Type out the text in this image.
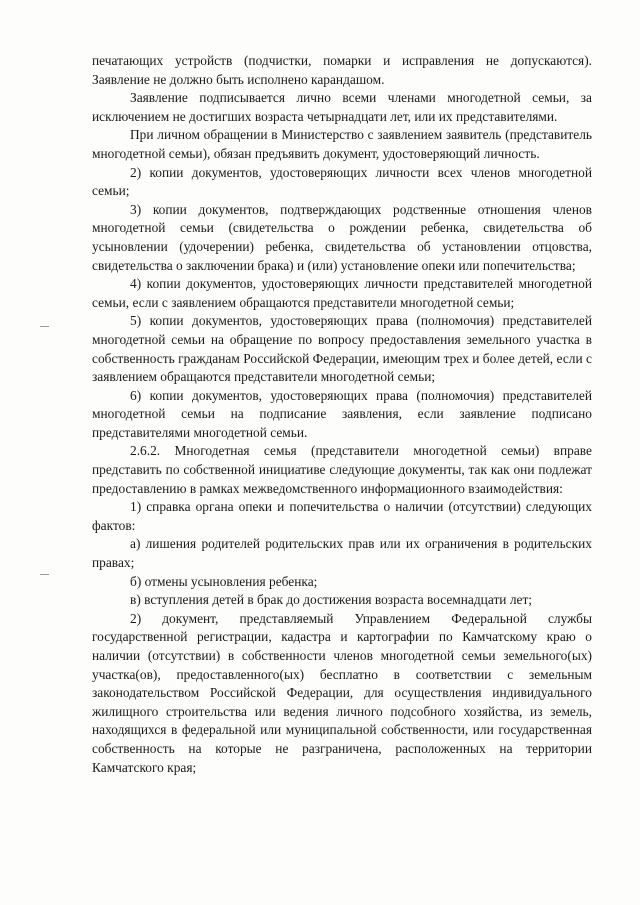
печатающих устройств (подчистки, помарки и исправления не допускаются). Заявление не должно быть исполнено карандашом.

Заявление подписывается лично всеми членами многодетной семьи, за исключением не достигших возраста четырнадцати лет, или их представителями.

При личном обращении в Министерство с заявлением заявитель (представитель многодетной семьи), обязан предъявить документ, удостоверяющий личность.

2) копии документов, удостоверяющих личности всех членов многодетной семьи;

3) копии документов, подтверждающих родственные отношения членов многодетной семьи (свидетельства о рождении ребенка, свидетельства об усыновлении (удочерении) ребенка, свидетельства об установлении отцовства, свидетельства о заключении брака) и (или) установление опеки или попечительства;

4) копии документов, удостоверяющих личности представителей многодетной семьи, если с заявлением обращаются представители многодетной семьи;

5) копии документов, удостоверяющих права (полномочия) представителей многодетной семьи на обращение по вопросу предоставления земельного участка в собственность гражданам Российской Федерации, имеющим трех и более детей, если с заявлением обращаются представители многодетной семьи;

6) копии документов, удостоверяющих права (полномочия) представителей многодетной семьи на подписание заявления, если заявление подписано представителями многодетной семьи.

2.6.2. Многодетная семья (представители многодетной семьи) вправе представить по собственной инициативе следующие документы, так как они подлежат предоставлению в рамках межведомственного информационного взаимодействия:

1) справка органа опеки и попечительства о наличии (отсутствии) следующих фактов:

а) лишения родителей родительских прав или их ограничения в родительских правах;

б) отмены усыновления ребенка;

в) вступления детей в брак до достижения возраста восемнадцати лет;

2) документ, представляемый Управлением Федеральной службы государственной регистрации, кадастра и картографии по Камчатскому краю о наличии (отсутствии) в собственности членов многодетной семьи земельного(ых) участка(ов), предоставленного(ых) бесплатно в соответствии с земельным законодательством Российской Федерации, для осуществления индивидуального жилищного строительства или ведения личного подсобного хозяйства, из земель, находящихся в федеральной или муниципальной собственности, или государственная собственность на которые не разграничена, расположенных на территории Камчатского края;
